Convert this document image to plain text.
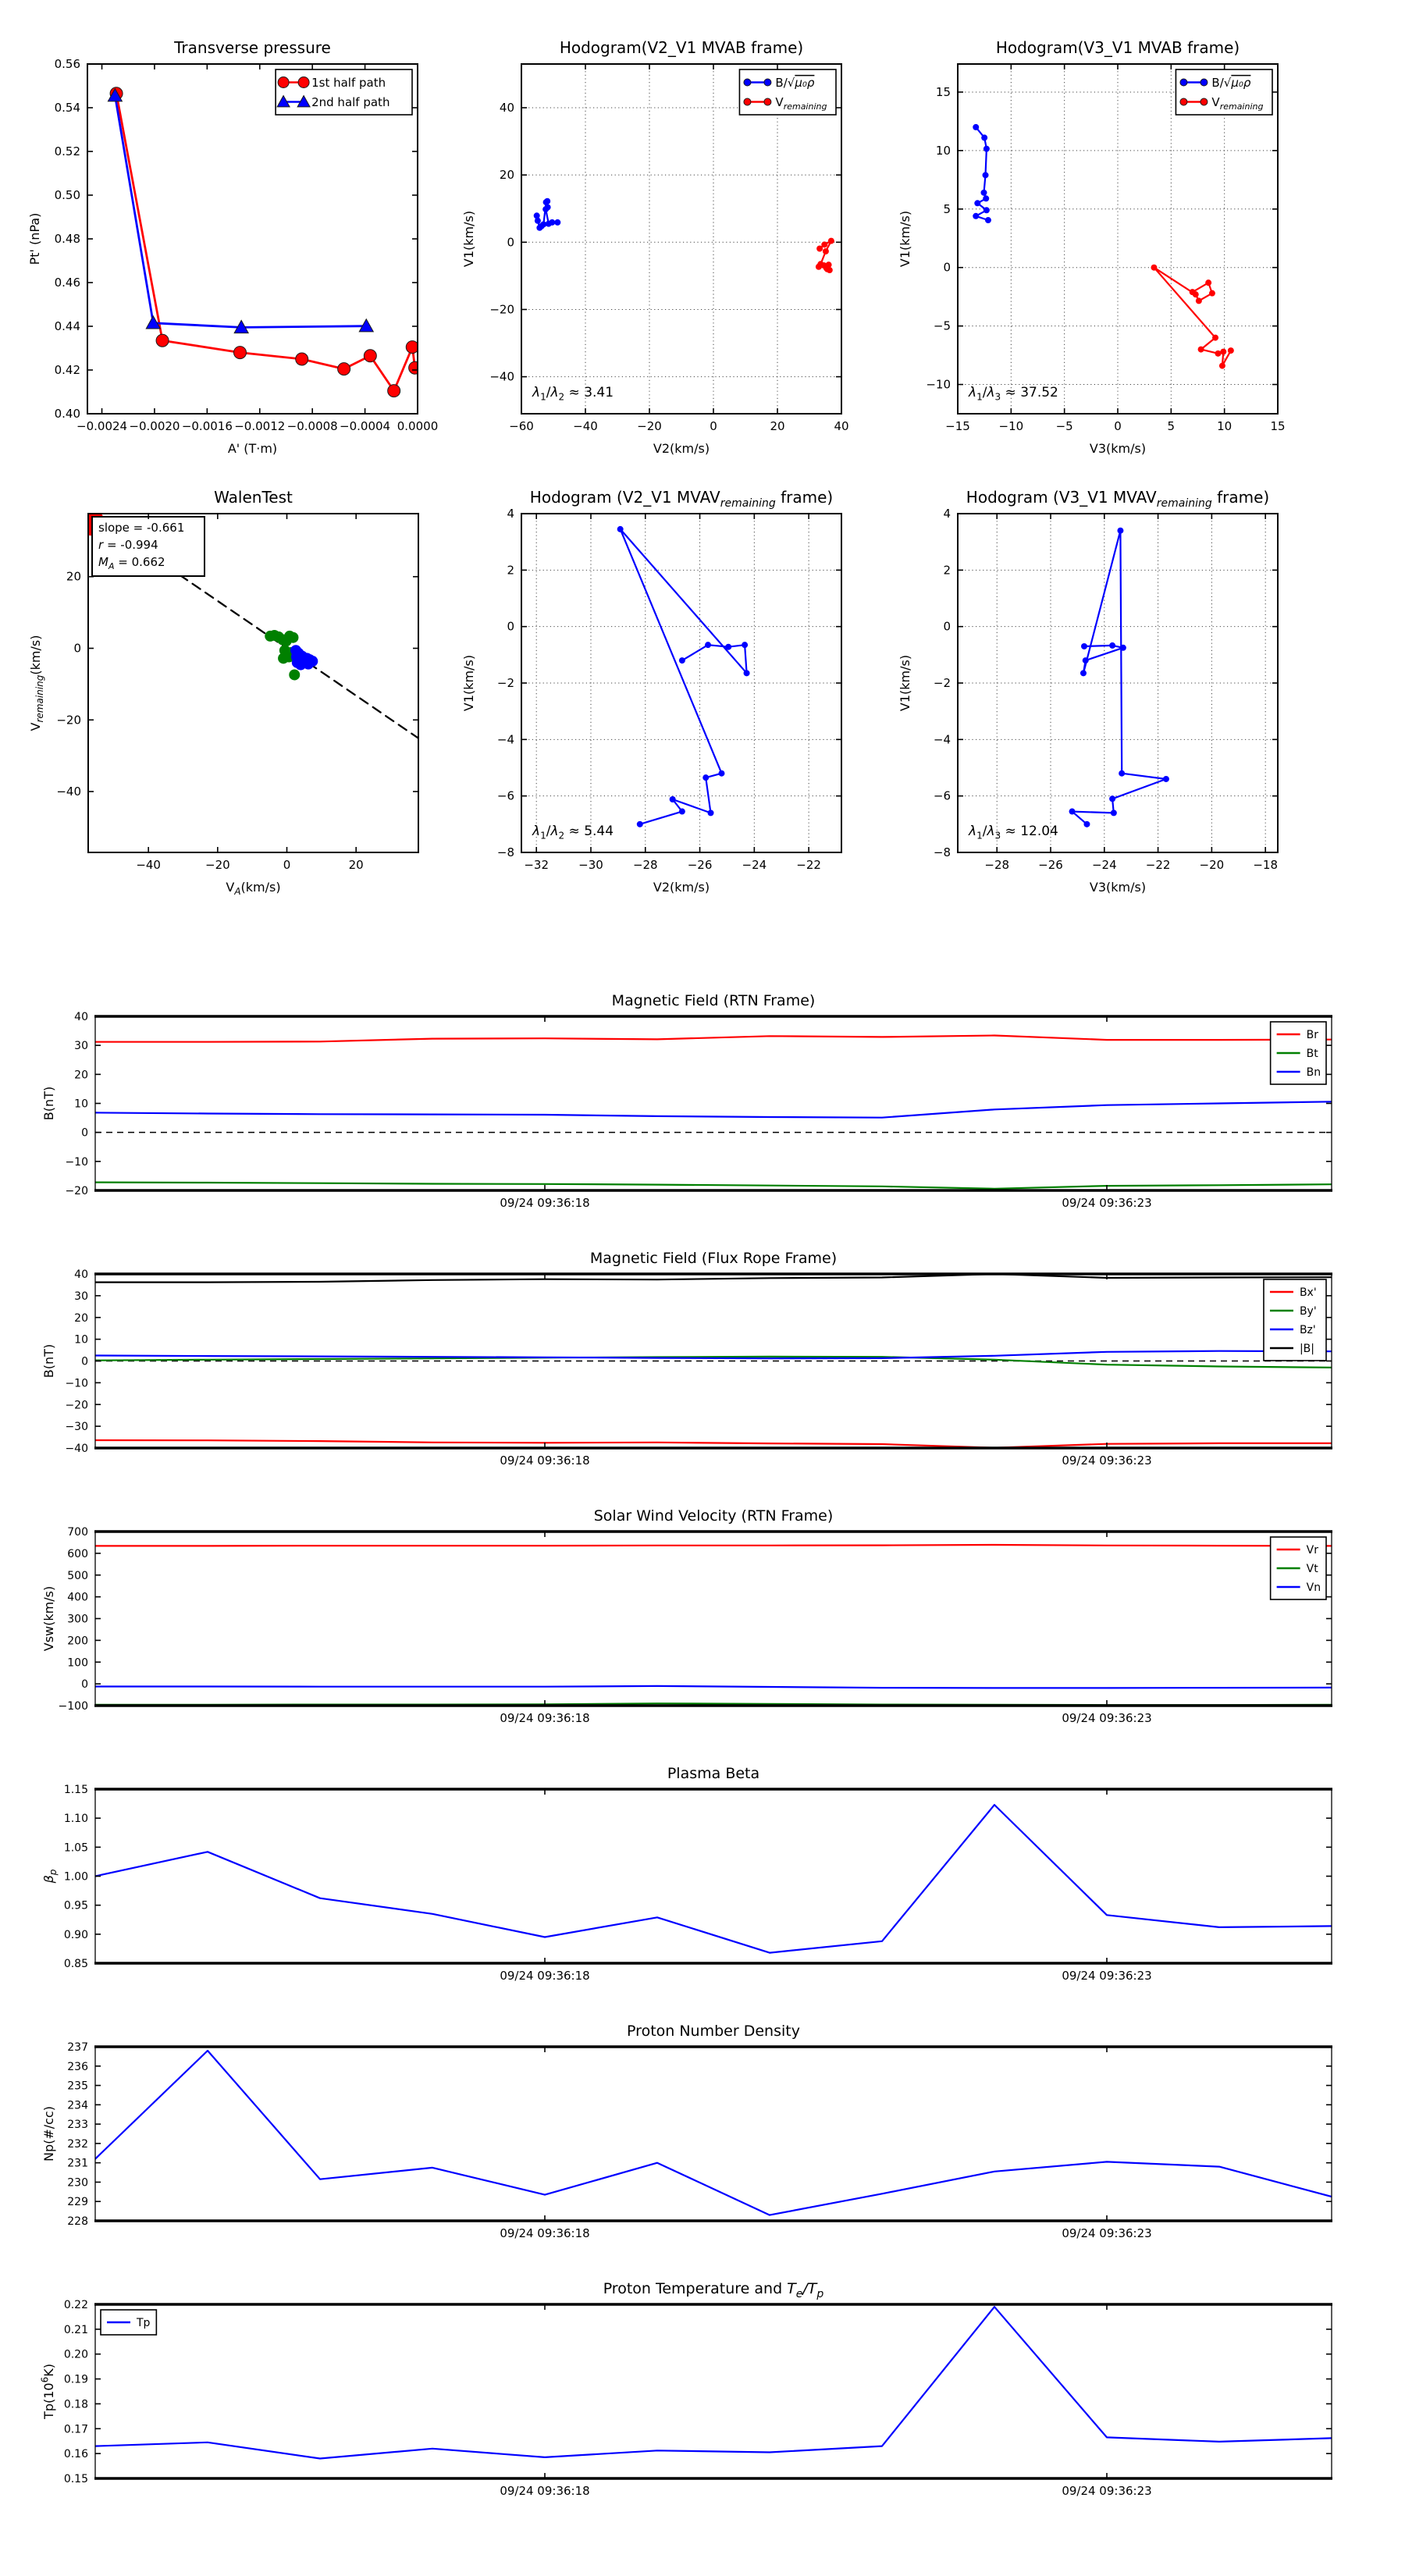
1st half path
2nd half path
−0.0024 −0.0020 −0.0016 −0.0012 −0.0008 −0.0004 0.0000
0.40
0.42
0.44
0.46
0.48
0.50
0.52
0.54
0.56
Transverse pressure
A' (T·m)
Pt' (nPa)
$\lambda_1/\lambda_2 \approx 3.41$
B/√μ₀ρ
$V_{remaining}$
−60	−40	−20	0	20	40
−40
−20
0
20
40
Hodogram(V2_V1 MVAB frame)
V2(km/s)
V1(km/s)
$\lambda_1/\lambda_3 \approx 37.52$
B/√μ₀ρ
$V_{remaining}$
−15 −10	−5	0	5	10	15
−10
−5
0
5
10
15
Hodogram(V3_V1 MVAB frame)
V3(km/s)
V1(km/s)
slope = -0.661
r = -0.994
$M_A = 0.662$
−40	−20	0	20
−40
−20
0
20
WalenTest
$V_A(km/s)$
$V_{remaining}(km/s)$
$\lambda_1/\lambda_2 \approx 5.44$
−32	−30	−28	−26	−24	−22
−8
−6
−4
−2
0
2
4
Hodogram (V2_V1 $MVAV_{remaining}$ frame)
V2(km/s)
V1(km/s)
$\lambda_1/\lambda_3 \approx 12.04$
−28 −26 −24 −22 −20 −18
−8
−6
−4
−2
0
2
4
Hodogram (V3_V1 $MVAV_{remaining}$ frame)
V3(km/s)
V1(km/s)
Br
Bt
Bn
09/24 09:36:18	09/24 09:36:23
−20
−10
0
10
20
30
40
Magnetic Field (RTN Frame)
B(nT)
Bx'
By'
Bz'
|B|
09/24 09:36:18	09/24 09:36:23
−40
−30
−20
−10
0
10
20
30
40
Magnetic Field (Flux Rope Frame)
B(nT)
Vr
Vt
Vn
09/24 09:36:18	09/24 09:36:23
−100
0
100
200
300
400
500
600
700
Solar Wind Velocity (RTN Frame)
Vsw(km/s)
09/24 09:36:18	09/24 09:36:23
0.85
0.90
0.95
1.00
1.05
1.10
1.15
Plasma Beta
$\beta_p$
09/24 09:36:18	09/24 09:36:23
228
229
230
231
232
233
234
235
236
237
Proton Number Density
Np(#/cc)
Tp
09/24 09:36:18	09/24 09:36:23
0.15
0.16
0.17
0.18
0.19
0.20
0.21
0.22
Proton Temperature and $T_e/T_p$
$Tp(10^6K)$
